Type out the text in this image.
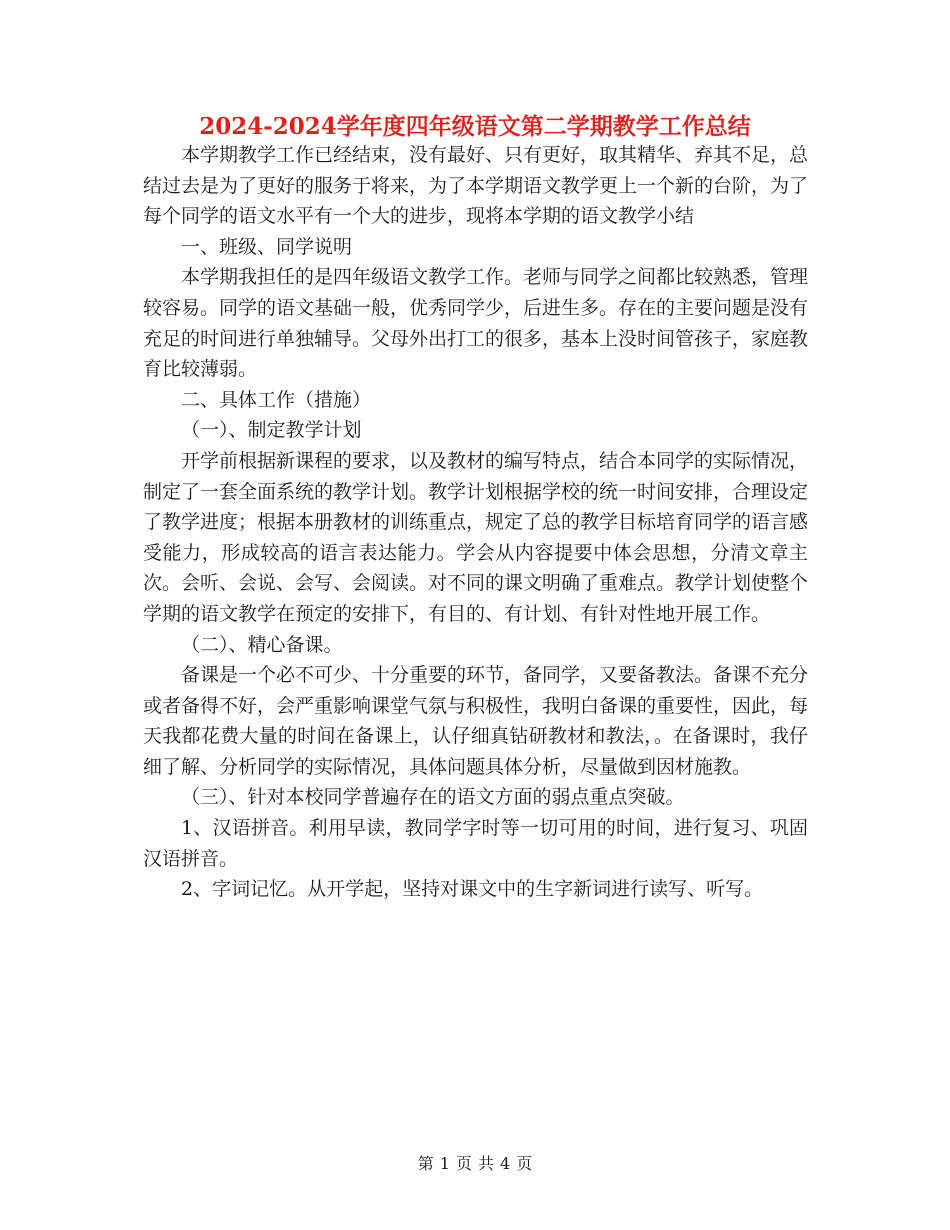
2024-2024学年度四年级语文第二学期教学工作总结

本学期教学工作已经结束，没有最好、只有更好，取其精华、弃其不足，总结过去是为了更好的服务于将来，为了本学期语文教学更上一个新的台阶，为了每个同学的语文水平有一个大的进步，现将本学期的语文教学小结

一、班级、同学说明

本学期我担任的是四年级语文教学工作。老师与同学之间都比较熟悉，管理较容易。同学的语文基础一般，优秀同学少，后进生多。存在的主要问题是没有充足的时间进行单独辅导。父母外出打工的很多，基本上没时间管孩子，家庭教育比较薄弱。

二、具体工作（措施）

（一）、制定教学计划

开学前根据新课程的要求，以及教材的编写特点，结合本同学的实际情况，制定了一套全面系统的教学计划。教学计划根据学校的统一时间安排，合理设定了教学进度；根据本册教材的训练重点，规定了总的教学目标培育同学的语言感受能力，形成较高的语言表达能力。学会从内容提要中体会思想，分清文章主次。会听、会说、会写、会阅读。对不同的课文明确了重难点。教学计划使整个学期的语文教学在预定的安排下，有目的、有计划、有针对性地开展工作。

（二）、精心备课。

备课是一个必不可少、十分重要的环节，备同学，又要备教法。备课不充分或者备得不好，会严重影响课堂气氛与积极性，我明白备课的重要性，因此，每天我都花费大量的时间在备课上，认仔细真钻研教材和教法，。在备课时，我仔细了解、分析同学的实际情况，具体问题具体分析，尽量做到因材施教。

（三）、针对本校同学普遍存在的语文方面的弱点重点突破。

1、汉语拼音。利用早读，教同学字时等一切可用的时间，进行复习、巩固汉语拼音。

2、字词记忆。从开学起，坚持对课文中的生字新词进行读写、听写。

第 1 页 共 4 页
